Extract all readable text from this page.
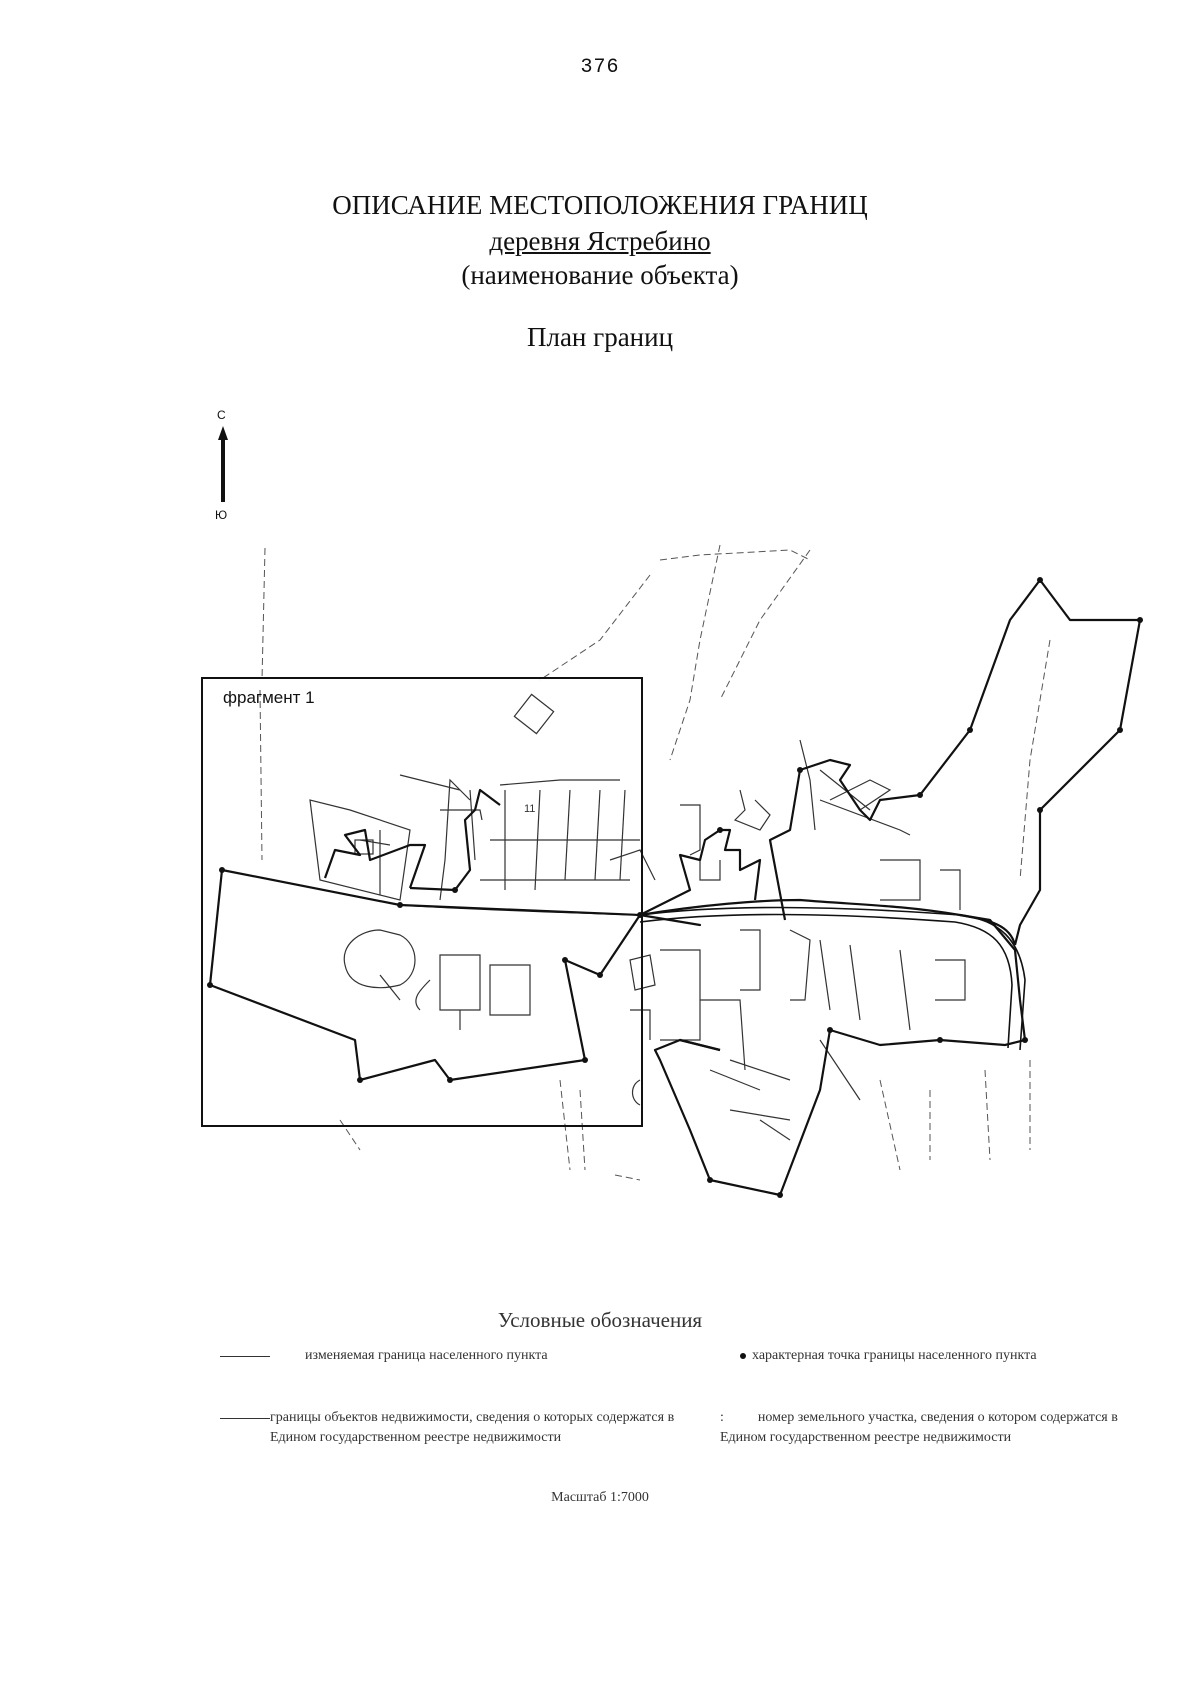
376
ОПИСАНИЕ МЕСТОПОЛОЖЕНИЯ ГРАНИЦ
деревня Ястребино
(наименование объекта)
План границ
С
Ю
11
фрагмент 1
Условные обозначения
изменяемая граница населенного пункта	характерная точка границы населенного пункта
границы объектов недвижимости, сведения о которых содержатся в Едином государственном реестре недвижимости
: номер земельного участка, сведения о котором содержатся в Едином государственном реестре недвижимости
Масштаб 1:7000
